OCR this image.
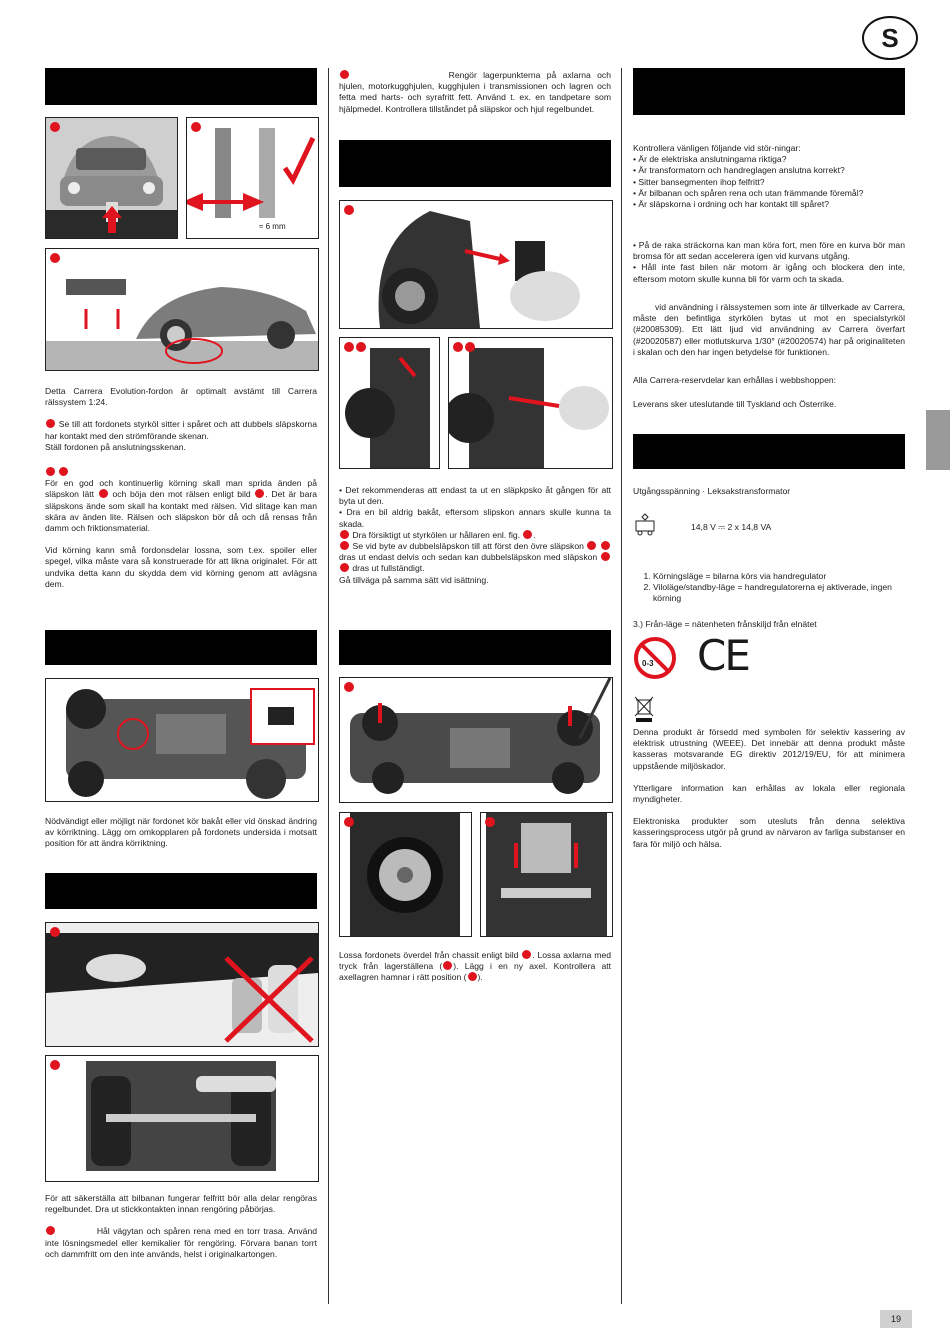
S
19
≈ 6 mm

Detta Carrera Evolution-fordon är optimalt avstämt till Carrera rälssystem 1:24.

Se till att fordonets styrköl sitter i spåret och att dubbels släpskorna har kontakt med den strömförande skenan.

Ställ fordonen på anslutningsskenan.

För en god och kontinuerlig körning skall man sprida änden på släpskon lätt och böja den mot rälsen enligt bild . Det är bara släpskons ände som skall ha kontakt med rälsen. Vid slitage kan man skära av änden lite. Rälsen och släpskon bör då och då rensas från damm och friktionsmaterial.

Vid körning kann små fordonsdelar lossna, som t.ex. spoiler eller spegel, vilka måste vara så konstruerade för att likna originalet. För att undvika detta kann du skydda dem vid körning genom att avlägsna dem.

Nödvändigt eller möjligt när fordonet kör bakåt eller vid önskad ändring av körriktning. Lägg om omkopplaren på fordonets undersida i motsatt position för att ändra körriktning.

För att säkerställa att bilbanan fungerar felfritt bör alla delar rengöras regelbundet. Dra ut stickkontakten innan rengöring påbörjas.

Hål vägytan och spåren rena med en torr trasa. Använd inte lösningsmedel eller kemikalier för rengöring. Förvara banan torrt och dammfritt om den inte används, helst i originalkartongen.

Rengör lagerpunkterna på axlarna och hjulen, motorkugghjulen, kugghjulen i transmissionen och lagren och fetta med harts- och syrafritt fett. Använd t. ex. en tandpetare som hjälpmedel. Kontrollera tillståndet på släpskor och hjul regelbundet.
• Det rekommenderas att endast ta ut en släpkpsko åt gången för att byta ut den.
• Dra en bil aldrig bakåt, eftersom slipskon annars skulle kunna ta skada.
Dra försiktigt ut styrkölen ur hållaren enl. fig. .
Se vid byte av dubbelsläpskon till att först den övre släpskon   dras ut endast delvis och sedan kan dubbelsläpskon med släpskon   dras ut fullständigt.
Gå tillväga på samma sätt vid isättning.
Lossa fordonets överdel från chassit enligt bild . Lossa axlarna med tryck från lagerställena ( ). Lägg i en ny axel. Kontrollera att axellagren hamnar i rätt position ( ).
Kontrollera vänligen följande vid stör-ningar:
• Är de elektriska anslutningarna riktiga?
• Är transformatorn och handreglagen anslutna korrekt?
• Sitter bansegmenten ihop felfritt?
• Är bilbanan och spåren rena och utan främmande föremål?
• Är släpskorna i ordning och har kontakt till spåret?
• På de raka sträckorna kan man köra fort, men före en kurva bör man bromsa för att sedan accelerera igen vid kurvans utgång.
• Håll inte fast bilen när motorn är igång och blockera den inte, eftersom motorn skulle kunna bli för varm och ta skada.
vid användning i rälssystemen som inte är tillverkade av Carrera, måste den befintliga styrkölen bytas ut mot en specialstyrköl (#20085309). Ett lätt ljud vid användning av Carrera överfart (#20020587) eller motlutskurva 1/30° (#20020574) har på originaliteten i skalan och den har ingen betydelse för funktionen.
Alla Carrera-reservdelar kan erhållas i webbshoppen:
Leverans sker uteslutande till Tyskland och Österrike.
Utgångsspänning · Leksakstransformator
14,8 V ⎓ 2 x 14,8 VA
1. Körningsläge = bilarna körs via handregulator
2. Viloläge/standby-läge = handregulatorerna ej aktiverade, ingen körning
3.) Från-läge = nätenheten frånskiljd från elnätet
0-3 CE

Denna produkt är försedd med symbolen för selektiv kassering av elektrisk utrustning (WEEE). Det innebär att denna produkt måste kasseras motsvarande EG direktiv 2012/19/EU, för att minimera uppstående miljöskador.

Ytterligare information kan erhållas av lokala eller regionala myndigheter.

Elektroniska produkter som utesluts från denna selektiva kasseringsprocess utgör på grund av närvaron av farliga substanser en fara för miljö och hälsa.
